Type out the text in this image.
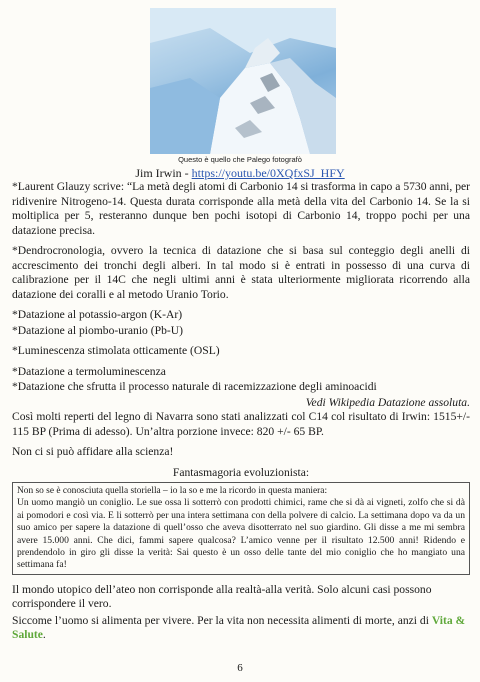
Questo è quello che Palego fotografò
Jim Irwin - https://youtu.be/0XQfxSJ_HFY

*Laurent Glauzy scrive: “La metà degli atomi di Carbonio 14 si trasforma in capo a 5730 anni, per ridivenire Nitrogeno-14. Questa durata corrisponde alla metà della vita del Carbonio 14. Se la si moltiplica per 5, resteranno dunque ben pochi isotopi di Carbonio 14, troppo pochi per una datazione precisa.

*Dendrocronologia, ovvero la tecnica di datazione che si basa sul conteggio degli anelli di accrescimento dei tronchi degli alberi. In tal modo si è entrati in possesso di una curva di calibrazione per il 14C che negli ultimi anni è stata ulteriormente migliorata ricorrendo alla datazione dei coralli e al metodo Uranio Torio.

*Datazione al potassio-argon (K-Ar)

*Datazione al piombo-uranio (Pb-U)

*Luminescenza stimolata otticamente (OSL)

*Datazione a termoluminescenza

*Datazione che sfrutta il processo naturale di racemizzazione degli aminoacidi

Vedi Wikipedia Datazione assoluta.

Così molti reperti del legno di Navarra sono stati analizzati col C14 col risultato di Irwin: 1515+/- 115 BP (Prima di adesso). Un’altra porzione invece: 820 +/- 65 BP.

Non ci si può affidare alla scienza!

Fantasmagoria evoluzionista:
Non so se è conosciuta quella storiella – io la so e me la ricordo in questa maniera:
Un uomo mangiò un coniglio. Le sue ossa li sotterrò con prodotti chimici, rame che si dà ai vigneti, zolfo che si dà ai pomodori e così via. E li sotterrò per una intera settimana con della polvere di calcio. La settimana dopo va da un suo amico per sapere la datazione di quell’osso che aveva disotterrato nel suo giardino. Gli disse a me mi sembra avere 15.000 anni. Che dici, fammi sapere qualcosa? L’amico venne per il risultato 12.500 anni! Ridendo e prendendolo in giro gli disse la verità: Sai questo è un osso delle tante del mio coniglio che ho mangiato una settimana fa!

Il mondo utopico dell’ateo non corrisponde alla realtà-alla verità. Solo alcuni casi possono corrispondere il vero.

Siccome l’uomo si alimenta per vivere. Per la vita non necessita alimenti di morte, anzi di Vita & Salute.

6
